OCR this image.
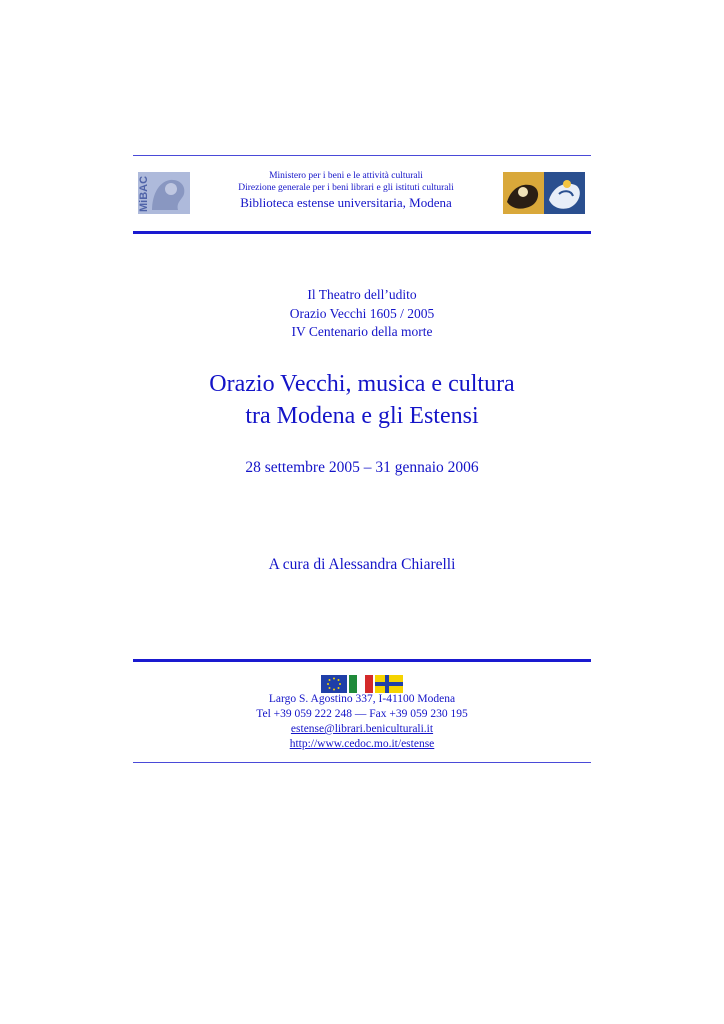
MiBAC	Ministero per i beni e le attività culturali
Direzione generale per i beni librari e gli istituti culturali
Biblioteca estense universitaria, Modena
Il Theatro dell’udito
Orazio Vecchi 1605 / 2005
IV Centenario della morte
Orazio Vecchi, musica e cultura
tra Modena e gli Estensi
28 settembre 2005 – 31 gennaio 2006
A cura di Alessandra Chiarelli
Largo S. Agostino 337, I-41100 Modena
Tel +39 059 222 248 — Fax +39 059 230 195
estense@librari.beniculturali.it
http://www.cedoc.mo.it/estense
